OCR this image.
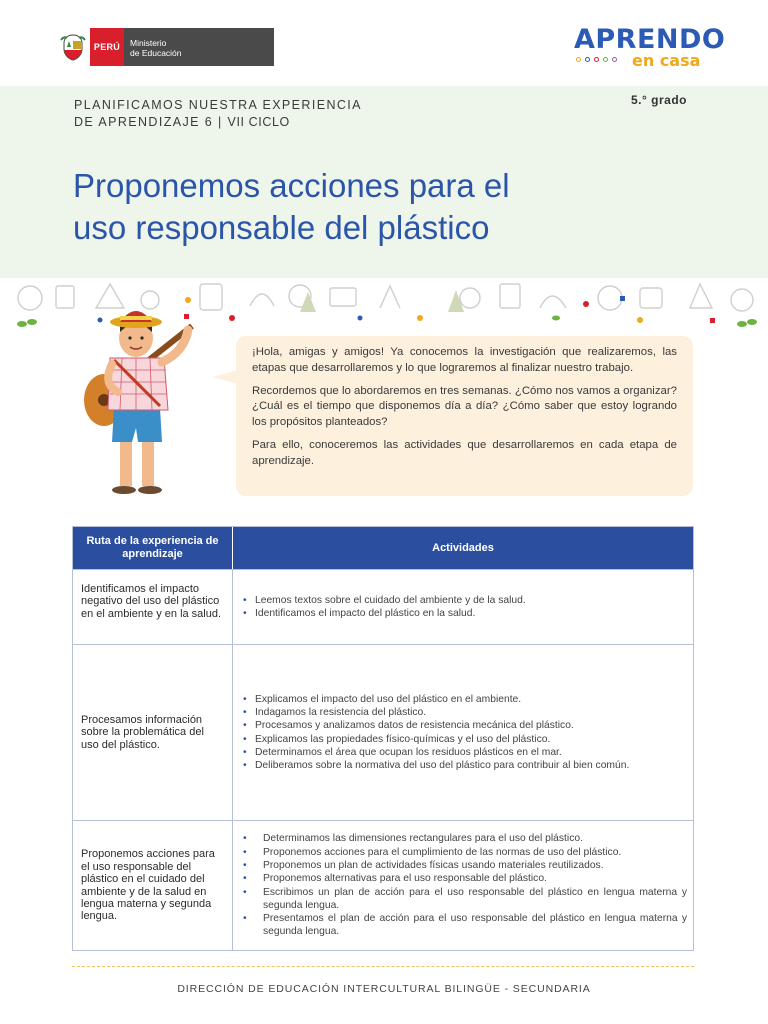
PERÚ	Ministerio
de Educación	APRENDO
en casa
PLANIFICAMOS NUESTRA EXPERIENCIA
DE APRENDIZAJE 6 | VII CICLO
5.° grado
Proponemos acciones para el
uso responsable del plástico

¡Hola, amigas y amigos! Ya conocemos la investigación que realizaremos, las etapas que desarrollaremos y lo que lograremos al finalizar nuestro trabajo.

Recordemos que lo abordaremos en tres semanas. ¿Cómo nos vamos a organizar? ¿Cuál es el tiempo que disponemos día a día? ¿Cómo saber que estoy logrando los propósitos planteados?

Para ello, conoceremos las actividades que desarrollaremos en cada etapa de aprendizaje.

Ruta de la experiencia de aprendizaje	Actividades
Identificamos el impacto negativo del uso del plástico en el ambiente y en la salud.
• Leemos textos sobre el cuidado del ambiente y de la salud.
• Identificamos el impacto del plástico en la salud.
Procesamos información sobre la problemática del uso del plástico.
• Explicamos el impacto del uso del plástico en el ambiente.
• Indagamos la resistencia del plástico.
• Procesamos y analizamos datos de resistencia mecánica del plástico.
• Explicamos las propiedades físico-químicas y el uso del plástico.
• Determinamos el área que ocupan los residuos plásticos en el mar.
• Deliberamos sobre la normativa del uso del plástico para contribuir al bien común.
Proponemos acciones para el uso responsable del plástico en el cuidado del ambiente y de la salud en lengua materna y segunda lengua.
• Determinamos las dimensiones rectangulares para el uso del plástico.
• Proponemos acciones para el cumplimiento de las normas de uso del plástico.
• Proponemos un plan de actividades físicas usando materiales reutilizados.
• Proponemos alternativas para el uso responsable del plástico.
• Escribimos un plan de acción para el uso responsable del plástico en lengua materna y segunda lengua.
• Presentamos el plan de acción para el uso responsable del plástico en lengua materna y segunda lengua.
DIRECCIÓN DE EDUCACIÓN INTERCULTURAL BILINGÜE - SECUNDARIA
